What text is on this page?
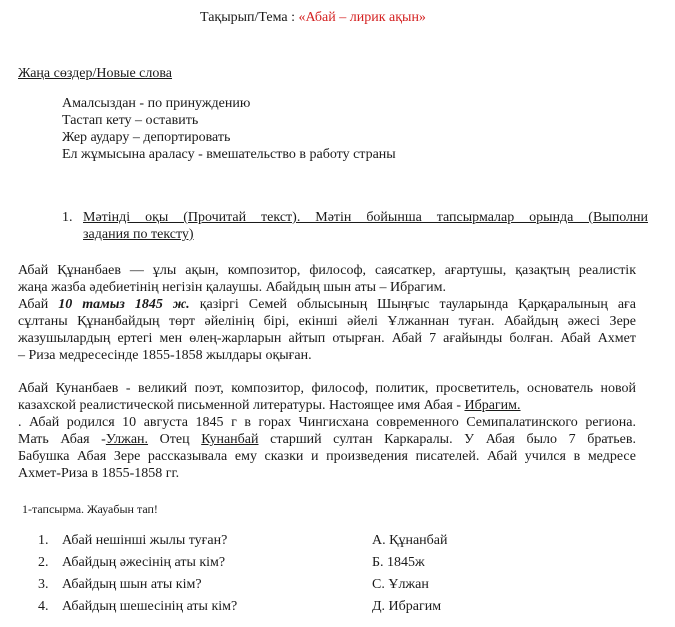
Тақырып/Тема : «Абай – лирик ақын»
Жаңа сөздер/Новые слова
Амалсыздан - по принуждению
Тастап кету – оставить
Жер аудару – депортировать
Ел жұмысына араласу - вмешательство в работу страны
1. Мәтінді оқы (Прочитай текст). Мәтін бойынша тапсырмалар орында (Выполни
задания по тексту)
Абай Құнанбаев — ұлы ақын, композитор, философ, саясаткер, ағартушы, қазақтың реалистік
жаңа жазба әдебиетінің негізін қалаушы. Абайдың шын аты – Ибрагим.
Абай 10 тамыз 1845 ж. қазіргі Семей облысының Шыңғыс тауларында Қарқаралының аға
сұлтаны Құнанбайдың төрт әйелінің бірі, екінші әйелі Ұлжаннан туған. Абайдың әжесі Зере
жазушылардың ертегі мен өлең-жарларын айтып отырған. Абай 7 ағайынды болған. Абай Ахмет
– Риза медресесінде 1855-1858 жылдары оқыған.
Абай Кунанбаев - великий поэт, композитор, философ, политик, просветитель, основатель новой
казахской реалистической письменной литературы. Настоящее имя Абая - Ибрагим.
. Абай родился 10 августа 1845 г в горах Чингисхана современного Семипалатинского региона.
Мать Абая -Улжан. Отец Кунанбай старший султан Каркаралы. У Абая было 7 братьев.
Бабушка Абая Зере рассказывала ему сказки и произведения писателей. Абай учился в медресе
Ахмет-Риза в 1855-1858 гг.
1-тапсырма. Жауабын тап!
1. Абай нешінші жылы туған?
2. Абайдың әжесінің аты кім?
3. Абайдың шын аты кім?
4. Абайдың шешесінің аты кім?
А. Құнанбай
Б. 1845ж
С. Ұлжан
Д. Ибрагим
